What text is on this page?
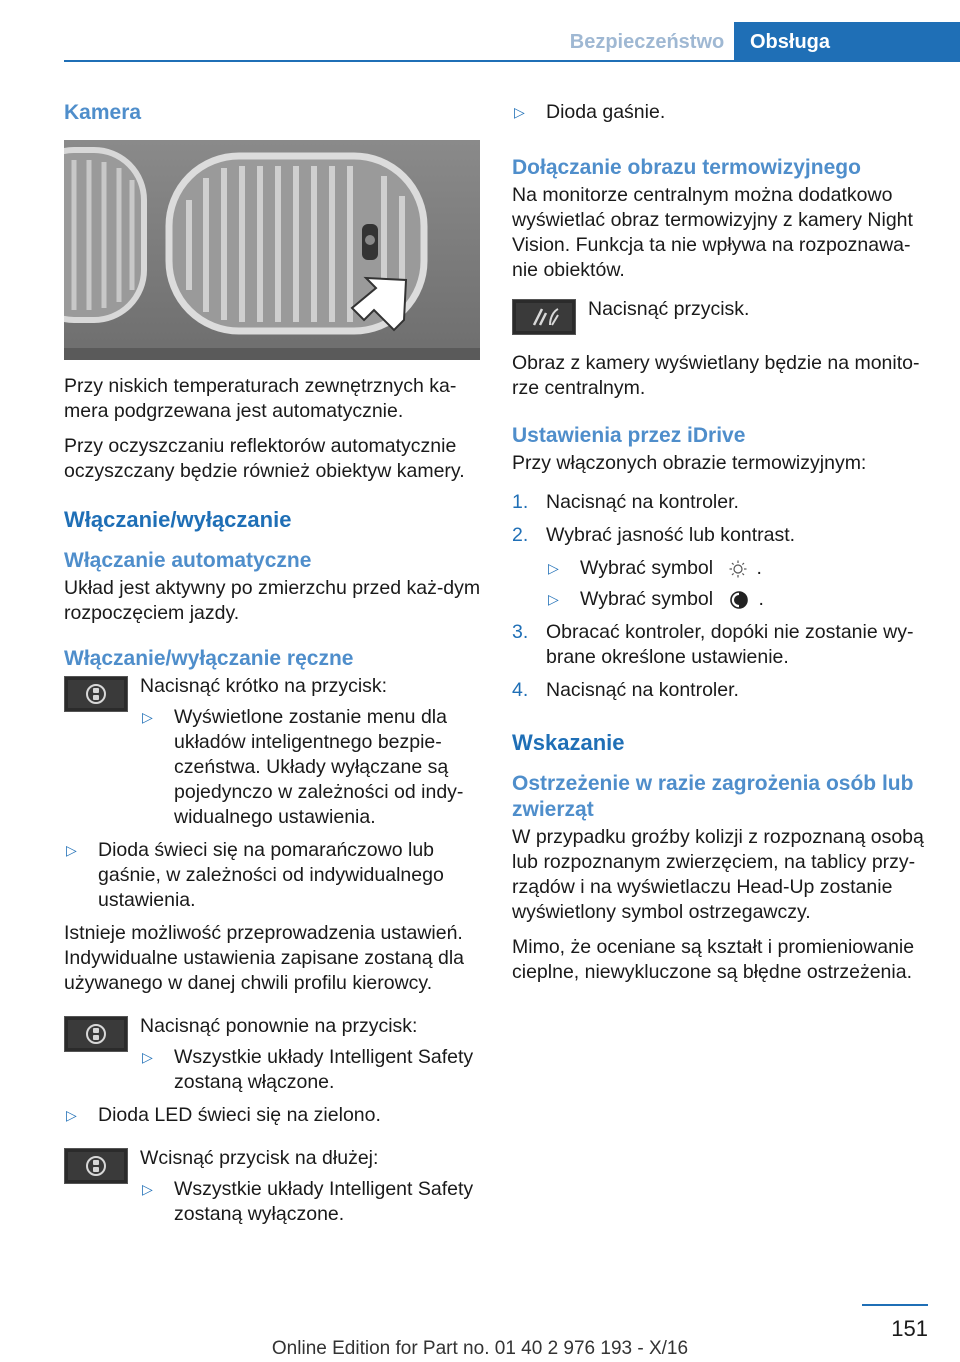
Bezpieczeństwo	Obsługa
Kamera

Przy niskich temperaturach zewnętrznych ka‐mera podgrzewana jest automatycznie.

Przy oczyszczaniu reflektorów automatycznie oczyszczany będzie również obiektyw kamery.

Włączanie/wyłączanie
Włączanie automatyczne

Układ jest aktywny po zmierzchu przed każ‐dym rozpoczęciem jazdy.

Włączanie/wyłączanie ręczne

Nacisnąć krótko na przycisk:

▷ Wyświetlone zostanie menu dla układów inteligentnego bezpie‐czeństwa. Układy wyłączane są pojedynczo w zależności od indy‐widualnego ustawienia.
▷ Dioda świeci się na pomarańczowo lub gaśnie, w zależności od indywidualnego ustawienia.

Istnieje możliwość przeprowadzenia ustawień. Indywidualne ustawienia zapisane zostaną dla używanego w danej chwili profilu kierowcy.

Nacisnąć ponownie na przycisk:

▷ Wszystkie układy Intelligent Safety zostaną włączone.
▷ Dioda LED świeci się na zielono.

Wcisnąć przycisk na dłużej:

▷ Wszystkie układy Intelligent Safety zostaną wyłączone.
▷ Dioda gaśnie.
Dołączanie obrazu termowizyjnego

Na monitorze centralnym można dodatkowo wyświetlać obraz termowizyjny z kamery Night Vision. Funkcja ta nie wpływa na rozpoznawa‐nie obiektów.

Nacisnąć przycisk.

Obraz z kamery wyświetlany będzie na monito‐rze centralnym.

Ustawienia przez iDrive

Przy włączonych obrazie termowizyjnym:

1. Nacisnąć na kontroler.
2. Wybrać jasność lub kontrast.
▷ Wybrać symbol .
▷ Wybrać symbol .
3. Obracać kontroler, dopóki nie zostanie wy‐brane określone ustawienie.
4. Nacisnąć na kontroler.
Wskazanie
Ostrzeżenie w razie zagrożenia osób lub zwierząt

W przypadku groźby kolizji z rozpoznaną osobą lub rozpoznanym zwierzęciem, na tablicy przy‐rządów i na wyświetlaczu Head-Up zostanie wyświetlony symbol ostrzegawczy.

Mimo, że oceniane są kształt i promieniowanie cieplne, niewykluczone są błędne ostrzeżenia.

151
Online Edition for Part no. 01 40 2 976 193 - X/16
